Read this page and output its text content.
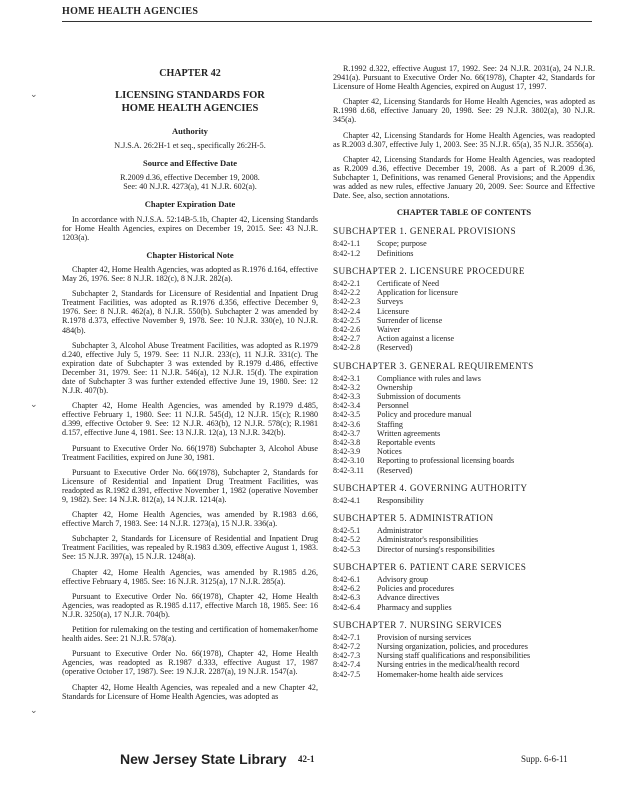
HOME HEALTH AGENCIES
⌄
⌄
⌄
CHAPTER 42
LICENSING STANDARDS FOR
HOME HEALTH AGENCIES
Authority
N.J.S.A. 26:2H-1 et seq., specifically 26:2H-5.
Source and Effective Date
R.2009 d.36, effective December 19, 2008.
See: 40 N.J.R. 4273(a), 41 N.J.R. 602(a).
Chapter Expiration Date

In accordance with N.J.S.A. 52:14B-5.1b, Chapter 42, Licensing Standards for Home Health Agencies, expires on December 19, 2015. See: 43 N.J.R. 1203(a).

Chapter Historical Note

Chapter 42, Home Health Agencies, was adopted as R.1976 d.164, effective May 26, 1976. See: 8 N.J.R. 182(c), 8 N.J.R. 282(a).

Subchapter 2, Standards for Licensure of Residential and Inpatient Drug Treatment Facilities, was adopted as R.1976 d.356, effective December 9, 1976. See: 8 N.J.R. 462(a), 8 N.J.R. 550(b). Subchapter 2 was amended by R.1978 d.373, effective November 9, 1978. See: 10 N.J.R. 330(e), 10 N.J.R. 484(b).

Subchapter 3, Alcohol Abuse Treatment Facilities, was adopted as R.1979 d.240, effective July 5, 1979. See: 11 N.J.R. 233(c), 11 N.J.R. 331(c). The expiration date of Subchapter 3 was extended by R.1979 d.486, effective December 31, 1979. See: 11 N.J.R. 546(a), 12 N.J.R. 15(d). The expiration date of Subchapter 3 was further extended effective June 19, 1980. See: 12 N.J.R. 407(b).

Chapter 42, Home Health Agencies, was amended by R.1979 d.485, effective February 1, 1980. See: 11 N.J.R. 545(d), 12 N.J.R. 15(c); R.1980 d.399, effective October 9. See: 12 N.J.R. 463(b), 12 N.J.R. 578(c); R.1981 d.157, effective June 4, 1981. See: 13 N.J.R. 12(a), 13 N.J.R. 342(b).

Pursuant to Executive Order No. 66(1978) Subchapter 3, Alcohol Abuse Treatment Facilities, expired on June 30, 1981.

Pursuant to Executive Order No. 66(1978), Subchapter 2, Standards for Licensure of Residential and Inpatient Drug Treatment Facilities, was readopted as R.1982 d.391, effective November 1, 1982 (operative November 9, 1982). See: 14 N.J.R. 812(a), 14 N.J.R. 1214(a).

Chapter 42, Home Health Agencies, was amended by R.1983 d.66, effective March 7, 1983. See: 14 N.J.R. 1273(a), 15 N.J.R. 336(a).

Subchapter 2, Standards for Licensure of Residential and Inpatient Drug Treatment Facilities, was repealed by R.1983 d.309, effective August 1, 1983. See: 15 N.J.R. 397(a), 15 N.J.R. 1248(a).

Chapter 42, Home Health Agencies, was amended by R.1985 d.26, effective February 4, 1985. See: 16 N.J.R. 3125(a), 17 N.J.R. 285(a).

Pursuant to Executive Order No. 66(1978), Chapter 42, Home Health Agencies, was readopted as R.1985 d.117, effective March 18, 1985. See: 16 N.J.R. 3250(a), 17 N.J.R. 704(b).

Petition for rulemaking on the testing and certification of homemaker/home health aides. See: 21 N.J.R. 578(a).

Pursuant to Executive Order No. 66(1978), Chapter 42, Home Health Agencies, was readopted as R.1987 d.333, effective August 17, 1987 (operative October 17, 1987). See: 19 N.J.R. 2287(a), 19 N.J.R. 1547(a).

Chapter 42, Home Health Agencies, was repealed and a new Chapter 42, Standards for Licensure of Home Health Agencies, was adopted as

R.1992 d.322, effective August 17, 1992. See: 24 N.J.R. 2031(a), 24 N.J.R. 2941(a). Pursuant to Executive Order No. 66(1978), Chapter 42, Standards for Licensure of Home Health Agencies, expired on August 17, 1997.

Chapter 42, Licensing Standards for Home Health Agencies, was adopted as R.1998 d.68, effective January 20, 1998. See: 29 N.J.R. 3802(a), 30 N.J.R. 345(a).

Chapter 42, Licensing Standards for Home Health Agencies, was readopted as R.2003 d.307, effective July 1, 2003. See: 35 N.J.R. 65(a), 35 N.J.R. 3556(a).

Chapter 42, Licensing Standards for Home Health Agencies, was readopted as R.2009 d.36, effective December 19, 2008. As a part of R.2009 d.36, Subchapter 1, Definitions, was renamed General Provisions; and the Appendix was added as new rules, effective January 20, 2009. See: Source and Effective Date. See, also, section annotations.

CHAPTER TABLE OF CONTENTS
SUBCHAPTER 1. GENERAL PROVISIONS
8:42-1.1	Scope; purpose
8:42-1.2	Definitions
SUBCHAPTER 2. LICENSURE PROCEDURE
8:42-2.1	Certificate of Need
8:42-2.2	Application for licensure
8:42-2.3	Surveys
8:42-2.4	Licensure
8:42-2.5	Surrender of license
8:42-2.6	Waiver
8:42-2.7	Action against a license
8:42-2.8	(Reserved)
SUBCHAPTER 3. GENERAL REQUIREMENTS
8:42-3.1	Compliance with rules and laws
8:42-3.2	Ownership
8:42-3.3	Submission of documents
8:42-3.4	Personnel
8:42-3.5	Policy and procedure manual
8:42-3.6	Staffing
8:42-3.7	Written agreements
8:42-3.8	Reportable events
8:42-3.9	Notices
8:42-3.10	Reporting to professional licensing boards
8:42-3.11	(Reserved)
SUBCHAPTER 4. GOVERNING AUTHORITY
8:42-4.1	Responsibility
SUBCHAPTER 5. ADMINISTRATION
8:42-5.1	Administrator
8:42-5.2	Administrator's responsibilities
8:42-5.3	Director of nursing's responsibilities
SUBCHAPTER 6. PATIENT CARE SERVICES
8:42-6.1	Advisory group
8:42-6.2	Policies and procedures
8:42-6.3	Advance directives
8:42-6.4	Pharmacy and supplies
SUBCHAPTER 7. NURSING SERVICES
8:42-7.1	Provision of nursing services
8:42-7.2	Nursing organization, policies, and procedures
8:42-7.3	Nursing staff qualifications and responsibilities
8:42-7.4	Nursing entries in the medical/health record
8:42-7.5	Homemaker-home health aide services
New Jersey State Library 42-1	Supp. 6-6-11
